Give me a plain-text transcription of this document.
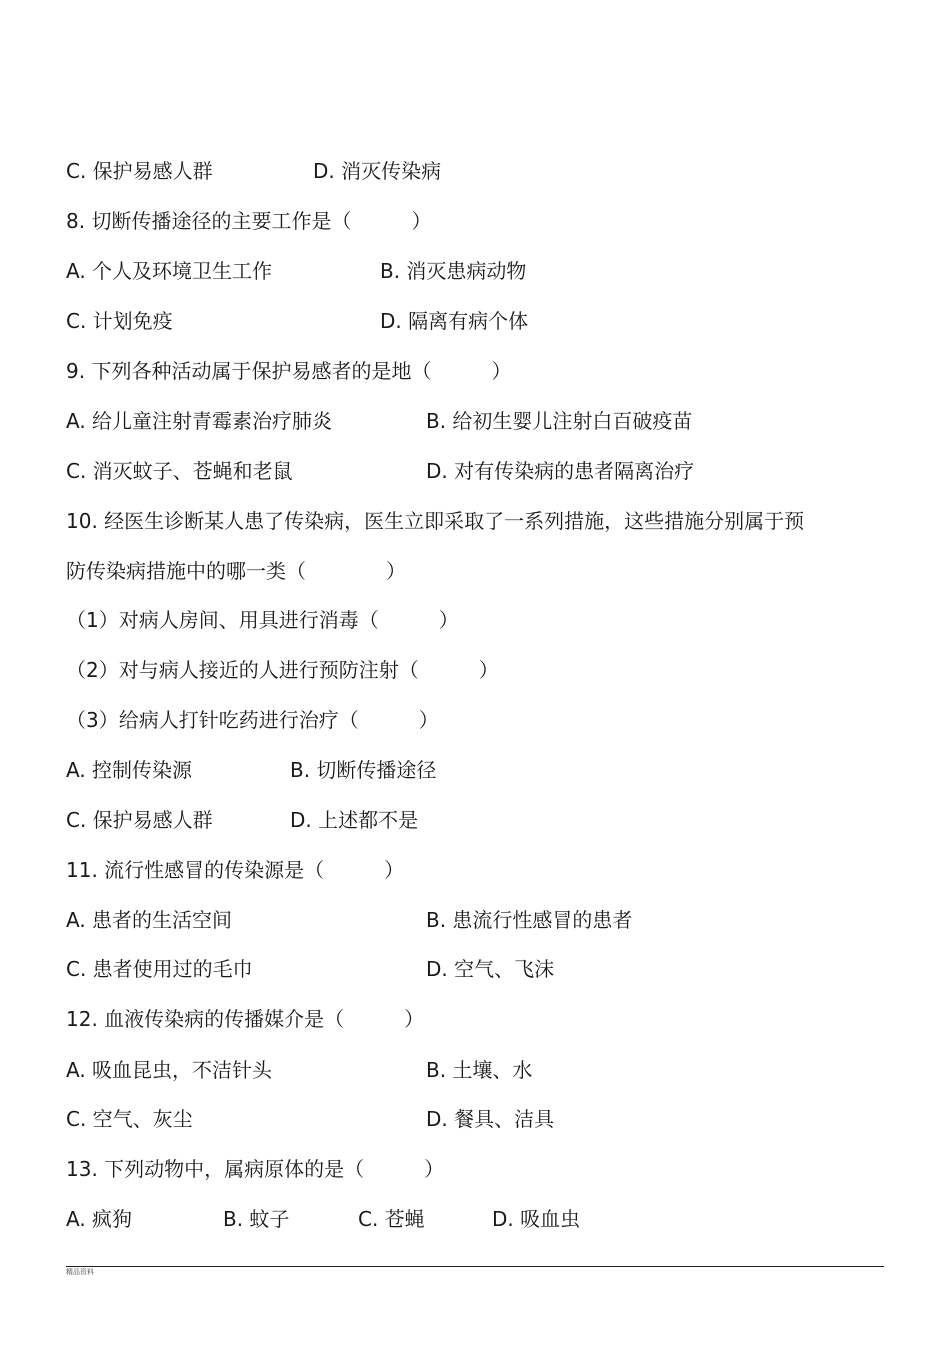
C. 保护易感人群	D. 消灭传染病
8. 切断传播途径的主要工作是（　　　）
A. 个人及环境卫生工作	B. 消灭患病动物
C. 计划免疫	D. 隔离有病个体
9. 下列各种活动属于保护易感者的是地（　　　）
A. 给儿童注射青霉素治疗肺炎	B. 给初生婴儿注射白百破疫苗
C. 消灭蚊子、苍蝇和老鼠	D. 对有传染病的患者隔离治疗
10. 经医生诊断某人患了传染病，医生立即采取了一系列措施，这些措施分别属于预
防传染病措施中的哪一类（　　　　）
（1）对病人房间、用具进行消毒（　　　）
（2）对与病人接近的人进行预防注射（　　　）
（3）给病人打针吃药进行治疗（　　　）
A. 控制传染源	B. 切断传播途径
C. 保护易感人群	D. 上述都不是
11. 流行性感冒的传染源是（　　　）
A. 患者的生活空间	B. 患流行性感冒的患者
C. 患者使用过的毛巾	D. 空气、飞沫
12. 血液传染病的传播媒介是（　　　）
A. 吸血昆虫，不洁针头	B. 土壤、水
C. 空气、灰尘	D. 餐具、洁具
13. 下列动物中，属病原体的是（　　　）
A. 疯狗	B. 蚊子	C. 苍蝇	D. 吸血虫
精品资料
